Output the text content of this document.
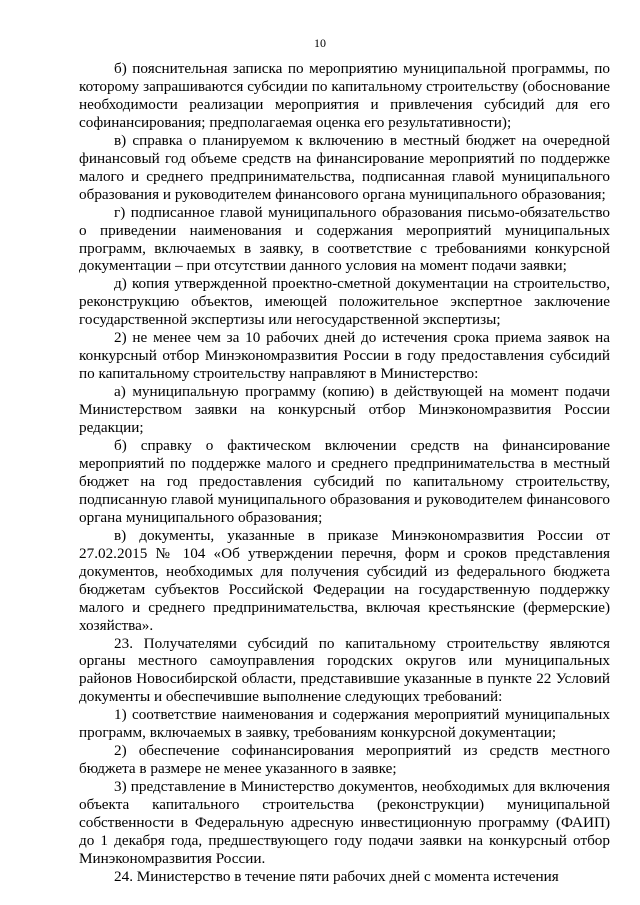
10

б) пояснительная записка по мероприятию муниципальной программы, по которому запрашиваются субсидии по капитальному строительству (обоснование необходимости реализации мероприятия и привлечения субсидий для его софинансирования; предполагаемая оценка его результативности);

в) справка о планируемом к включению в местный бюджет на очередной финансовый год объеме средств на финансирование мероприятий по поддержке малого и среднего предпринимательства, подписанная главой муниципального образования и руководителем финансового органа муниципального образования;

г) подписанное главой муниципального образования письмо-обязательство о приведении наименования и содержания мероприятий муниципальных программ, включаемых в заявку, в соответствие с требованиями конкурсной документации – при отсутствии данного условия на момент подачи заявки;

д) копия утвержденной проектно-сметной документации на строительство, реконструкцию объектов, имеющей положительное экспертное заключение государственной экспертизы или негосударственной экспертизы;

2) не менее чем за 10 рабочих дней до истечения срока приема заявок на конкурсный отбор Минэкономразвития России в году предоставления субсидий по капитальному строительству направляют в Министерство:

а) муниципальную программу (копию) в действующей на момент подачи Министерством заявки на конкурсный отбор Минэкономразвития России редакции;

б) справку о фактическом включении средств на финансирование мероприятий по поддержке малого и среднего предпринимательства в местный бюджет на год предоставления субсидий по капитальному строительству, подписанную главой муниципального образования и руководителем финансового органа муниципального образования;

в) документы, указанные в приказе Минэкономразвития России от 27.02.2015 № 104 «Об утверждении перечня, форм и сроков представления документов, необходимых для получения субсидий из федерального бюджета бюджетам субъектов Российской Федерации на государственную поддержку малого и среднего предпринимательства, включая крестьянские (фермерские) хозяйства».

23. Получателями субсидий по капитальному строительству являются органы местного самоуправления городских округов или муниципальных районов Новосибирской области, представившие указанные в пункте 22 Условий документы и обеспечившие выполнение следующих требований:

1) соответствие наименования и содержания мероприятий муниципальных программ, включаемых в заявку, требованиям конкурсной документации;

2) обеспечение софинансирования мероприятий из средств местного бюджета в размере не менее указанного в заявке;

3) представление в Министерство документов, необходимых для включения объекта капитального строительства (реконструкции) муниципальной собственности в Федеральную адресную инвестиционную программу (ФАИП) до 1 декабря года, предшествующего году подачи заявки на конкурсный отбор Минэкономразвития России.

24. Министерство в течение пяти рабочих дней с момента истечения
